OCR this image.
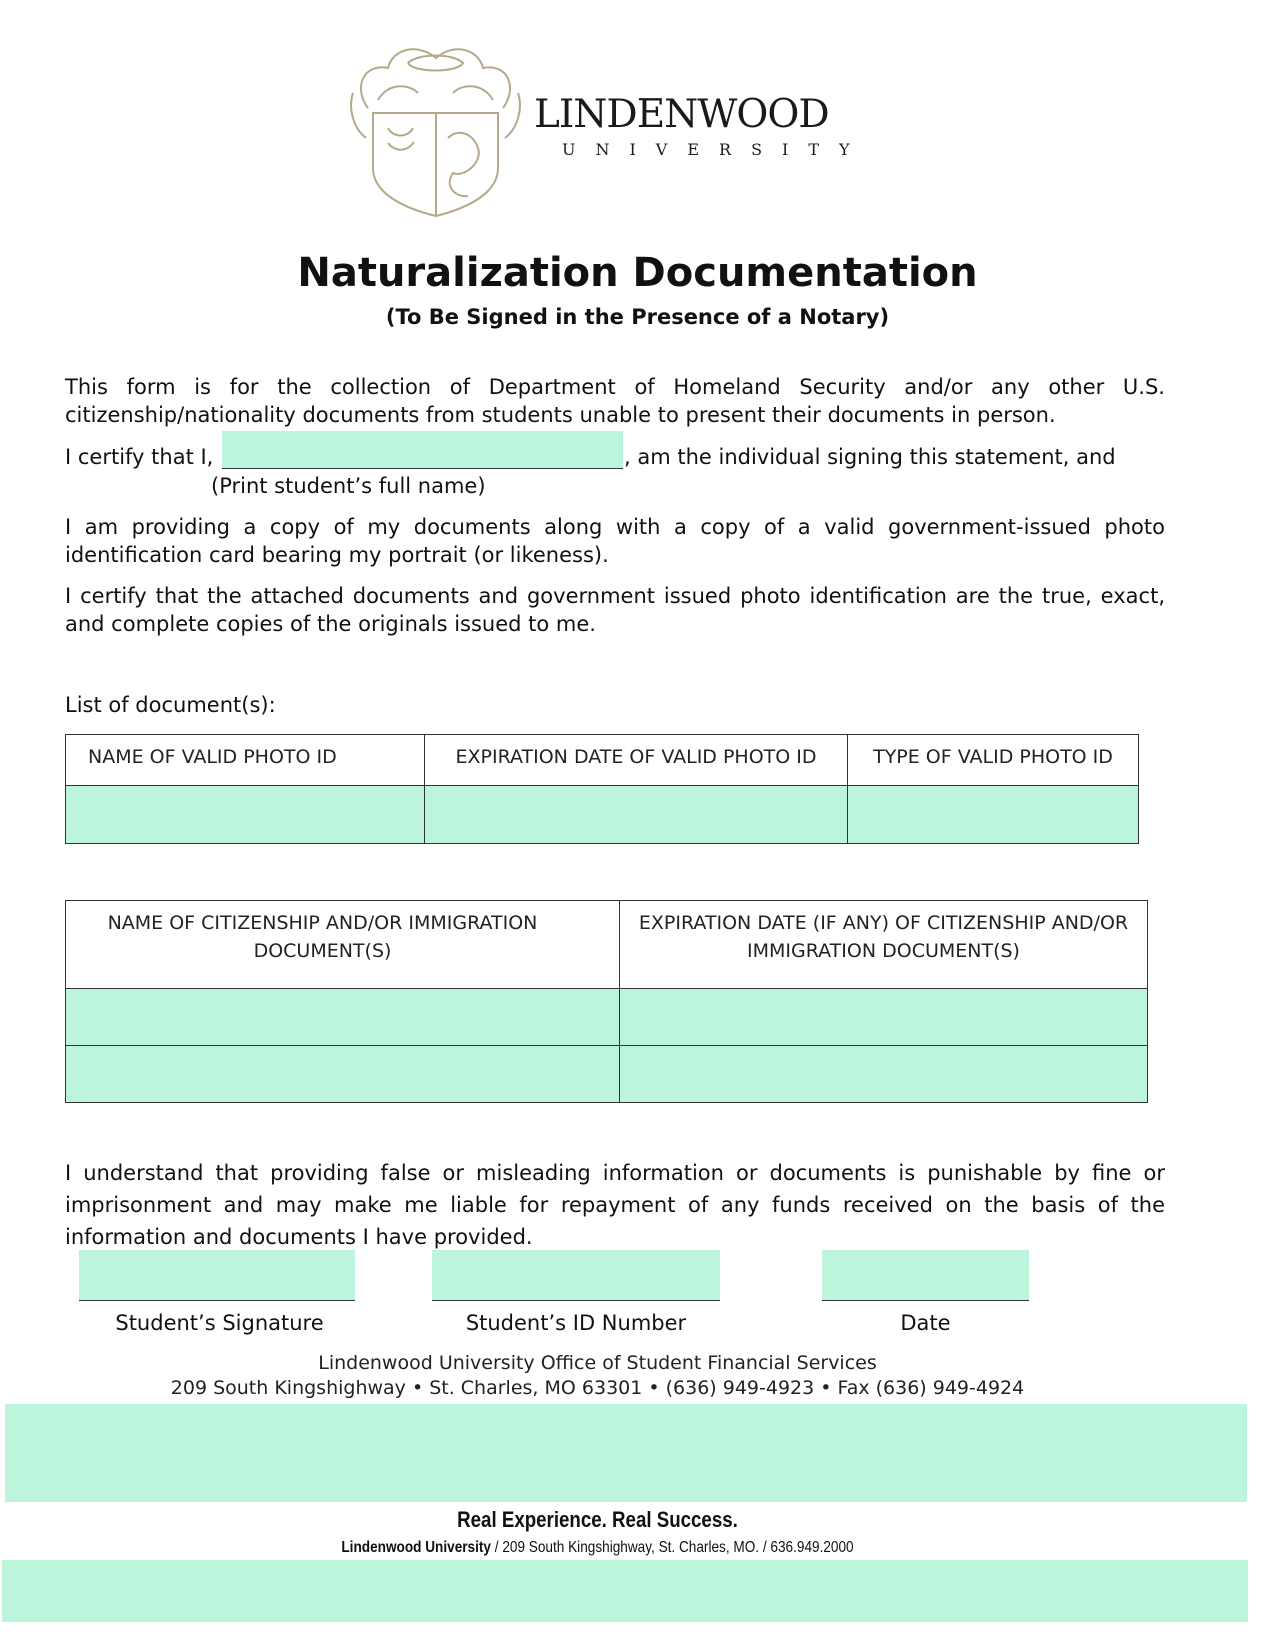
LINDENWOOD
UNIVERSITY
Naturalization Documentation
(To Be Signed in the Presence of a Notary)
This form is for the collection of Department of Homeland Security and/or any other U.S. citizenship/nationality documents from students unable to present their documents in person.
I certify that I,	, am the individual signing this statement, and
(Print student’s full name)
I am providing a copy of my documents along with a copy of a valid government-issued photo identification card bearing my portrait (or likeness).
I certify that the attached documents and government issued photo identification are the true, exact, and complete copies of the originals issued to me.
List of document(s):
NAME OF VALID PHOTO ID	EXPIRATION DATE OF VALID PHOTO ID	TYPE OF VALID PHOTO ID

NAME OF CITIZENSHIP AND/OR IMMIGRATION DOCUMENT(S)	EXPIRATION DATE (IF ANY) OF CITIZENSHIP AND/OR IMMIGRATION DOCUMENT(S)

I understand that providing false or misleading information or documents is punishable by fine or imprisonment and may make me liable for repayment of any funds received on the basis of the information and documents I have provided.
Student’s Signature	Student’s ID Number	Date
Lindenwood University Office of Student Financial Services
209 South Kingshighway • St. Charles, MO 63301 • (636) 949-4923 • Fax (636) 949-4924
Real Experience. Real Success.
Lindenwood University / 209 South Kingshighway, St. Charles, MO. / 636.949.2000
